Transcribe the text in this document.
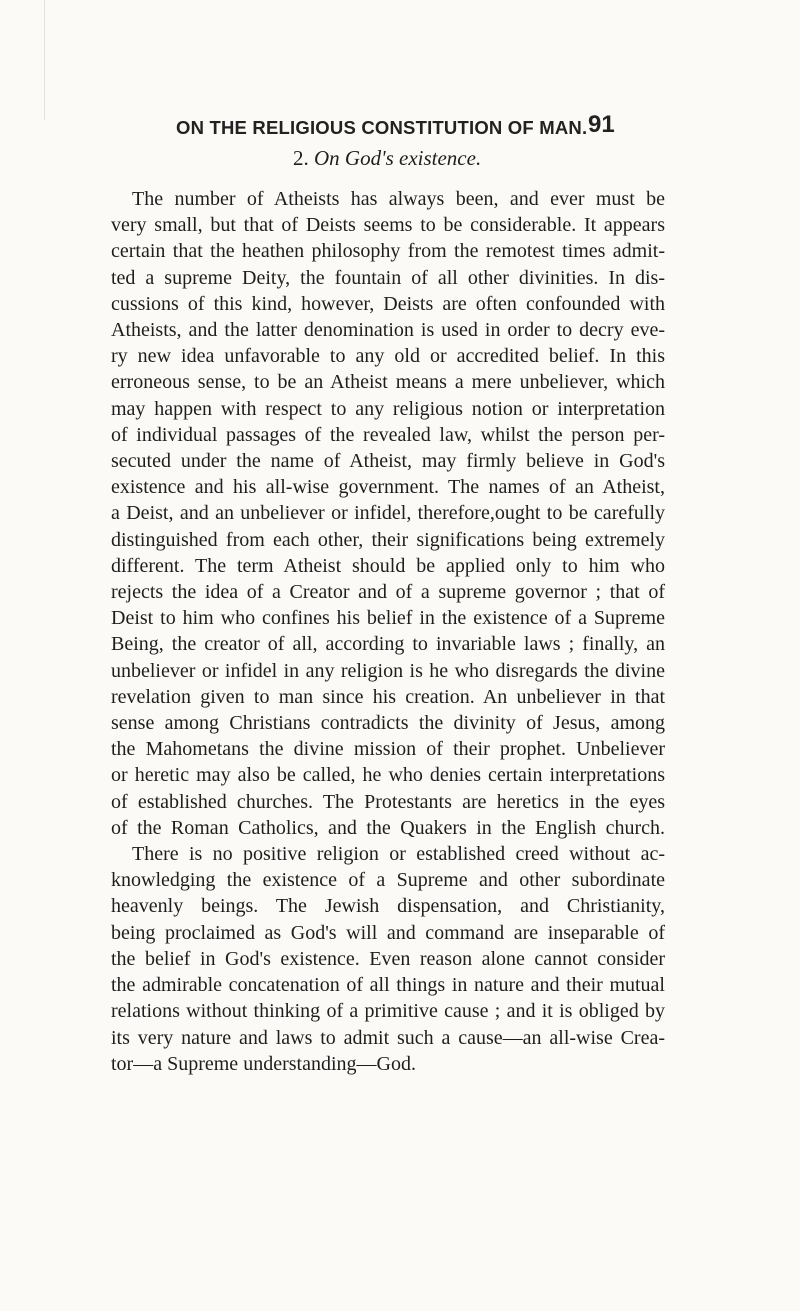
ON THE RELIGIOUS CONSTITUTION OF MAN. 91
2. On God's existence.
The number of Atheists has always been, and ever must be
very small, but that of Deists seems to be considerable. It appears
certain that the heathen philosophy from the remotest times admit-
ted a supreme Deity, the fountain of all other divinities. In dis-
cussions of this kind, however, Deists are often confounded with
Atheists, and the latter denomination is used in order to decry eve-
ry new idea unfavorable to any old or accredited belief. In this
erroneous sense, to be an Atheist means a mere unbeliever, which
may happen with respect to any religious notion or interpretation
of individual passages of the revealed law, whilst the person per-
secuted under the name of Atheist, may firmly believe in God's
existence and his all-wise government. The names of an Atheist,
a Deist, and an unbeliever or infidel, therefore,ought to be carefully
distinguished from each other, their significations being extremely
different. The term Atheist should be applied only to him who
rejects the idea of a Creator and of a supreme governor ; that of
Deist to him who confines his belief in the existence of a Supreme
Being, the creator of all, according to invariable laws ; finally, an
unbeliever or infidel in any religion is he who disregards the divine
revelation given to man since his creation. An unbeliever in that
sense among Christians contradicts the divinity of Jesus, among
the Mahometans the divine mission of their prophet. Unbeliever
or heretic may also be called, he who denies certain interpretations
of established churches. The Protestants are heretics in the eyes
of the Roman Catholics, and the Quakers in the English church.
There is no positive religion or established creed without ac-
knowledging the existence of a Supreme and other subordinate
heavenly beings. The Jewish dispensation, and Christianity,
being proclaimed as God's will and command are inseparable of
the belief in God's existence. Even reason alone cannot consider
the admirable concatenation of all things in nature and their mutual
relations without thinking of a primitive cause ; and it is obliged by
its very nature and laws to admit such a cause—an all-wise Crea-
tor—a Supreme understanding—God.
